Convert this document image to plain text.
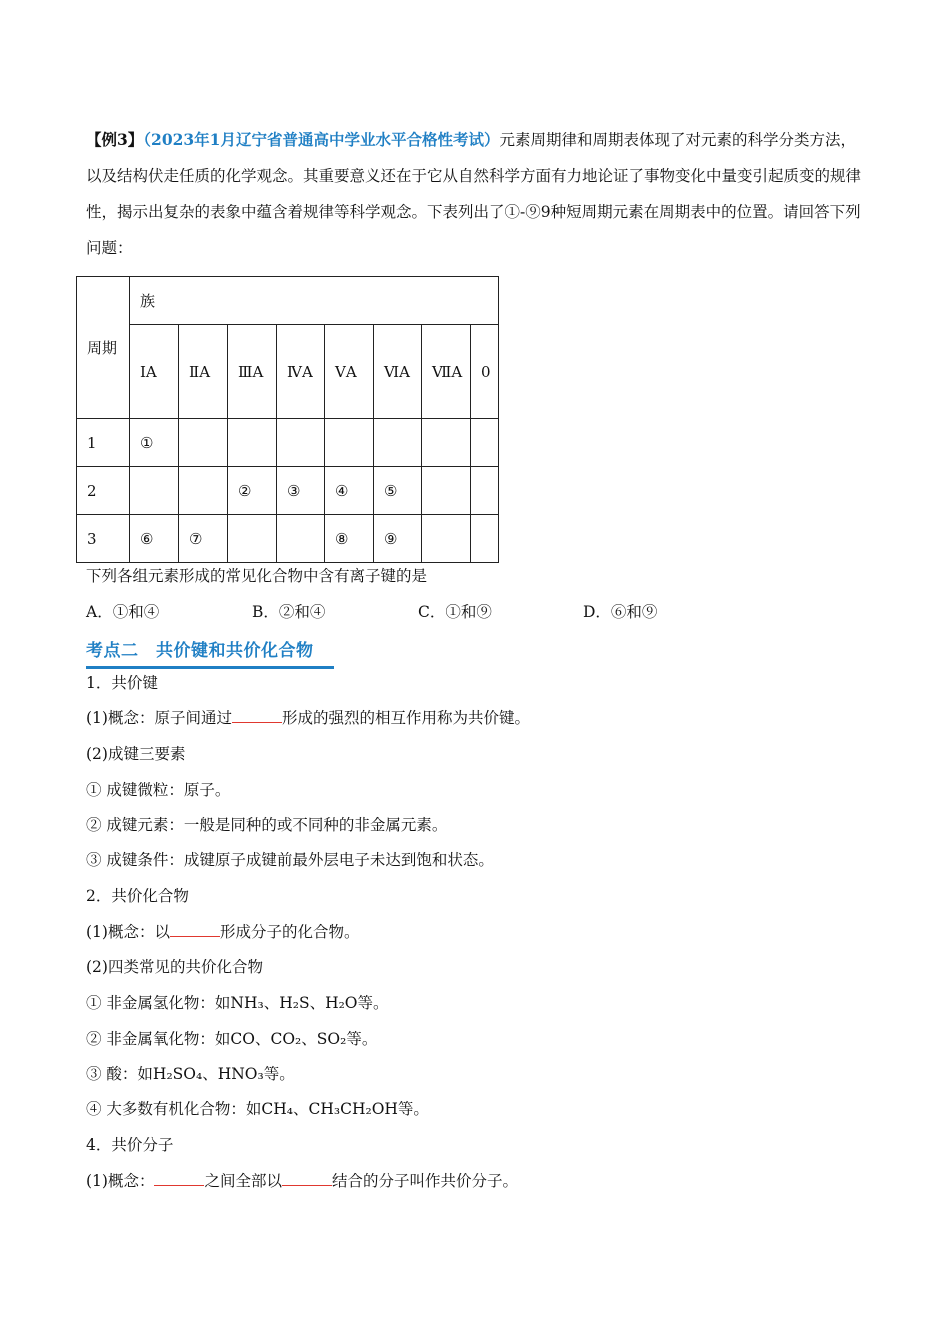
【例3】（2023年1月辽宁省普通高中学业水平合格性考试）元素周期律和周期表体现了对元素的科学分类方法，以及结构伏走任质的化学观念。其重要意义还在于它从自然科学方面有力地论证了事物变化中量变引起质变的规律性，揭示出复杂的表象中蕴含着规律等科学观念。下表列出了①-⑨9种短周期元素在周期表中的位置。请回答下列问题：
周期	族							
	ⅠA	ⅡA	ⅢA	ⅣA	ⅤA	ⅥA	ⅦA	0
1	①							
2			②	③	④	⑤		
3	⑥	⑦			⑧	⑨		
下列各组元素形成的常见化合物中含有离子键的是
A．①和④	B．②和④	C．①和⑨	D．⑥和⑨
考点二　共价键和共价化合物
1．共价键
(1)概念：原子间通过	形成的强烈的相互作用称为共价键。
(2)成键三要素
① 成键微粒：原子。
② 成键元素：一般是同种的或不同种的非金属元素。
③ 成键条件：成键原子成键前最外层电子未达到饱和状态。
2．共价化合物
(1)概念：以	形成分子的化合物。
(2)四类常见的共价化合物
① 非金属氢化物：如NH₃、H₂S、H₂O等。
② 非金属氧化物：如CO、CO₂、SO₂等。
③ 酸：如H₂SO₄、HNO₃等。
④ 大多数有机化合物：如CH₄、CH₃CH₂OH等。
4．共价分子
(1)概念：	之间全部以	结合的分子叫作共价分子。
